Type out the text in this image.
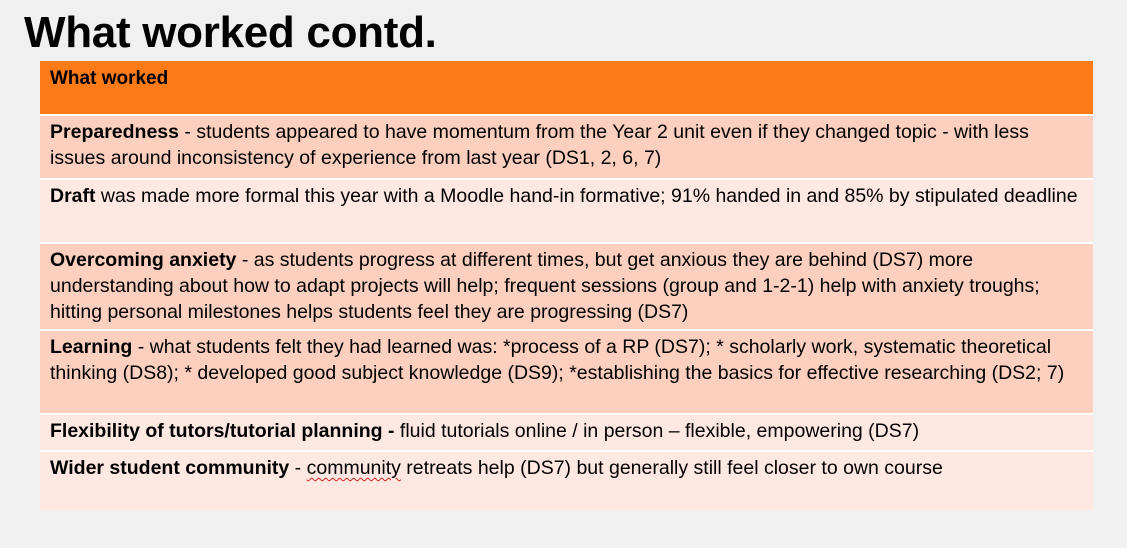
What worked contd.
What worked
Preparedness - students appeared to have momentum from the Year 2 unit even if they changed topic - with less issues around inconsistency of experience from last year (DS1, 2, 6, 7)
Draft was made more formal this year with a Moodle hand-in formative; 91% handed in and 85% by stipulated deadline
Overcoming anxiety - as students progress at different times, but get anxious they are behind (DS7) more understanding about how to adapt projects will help; frequent sessions (group and 1-2-1) help with anxiety troughs; hitting personal milestones helps students feel they are progressing (DS7)
Learning - what students felt they had learned was: *process of a RP (DS7); * scholarly work, systematic theoretical thinking (DS8); * developed good subject knowledge (DS9); *establishing the basics for effective researching (DS2; 7)
Flexibility of tutors/tutorial planning - fluid tutorials online / in person – flexible, empowering (DS7)
Wider student community - community retreats help (DS7) but generally still feel closer to own course
